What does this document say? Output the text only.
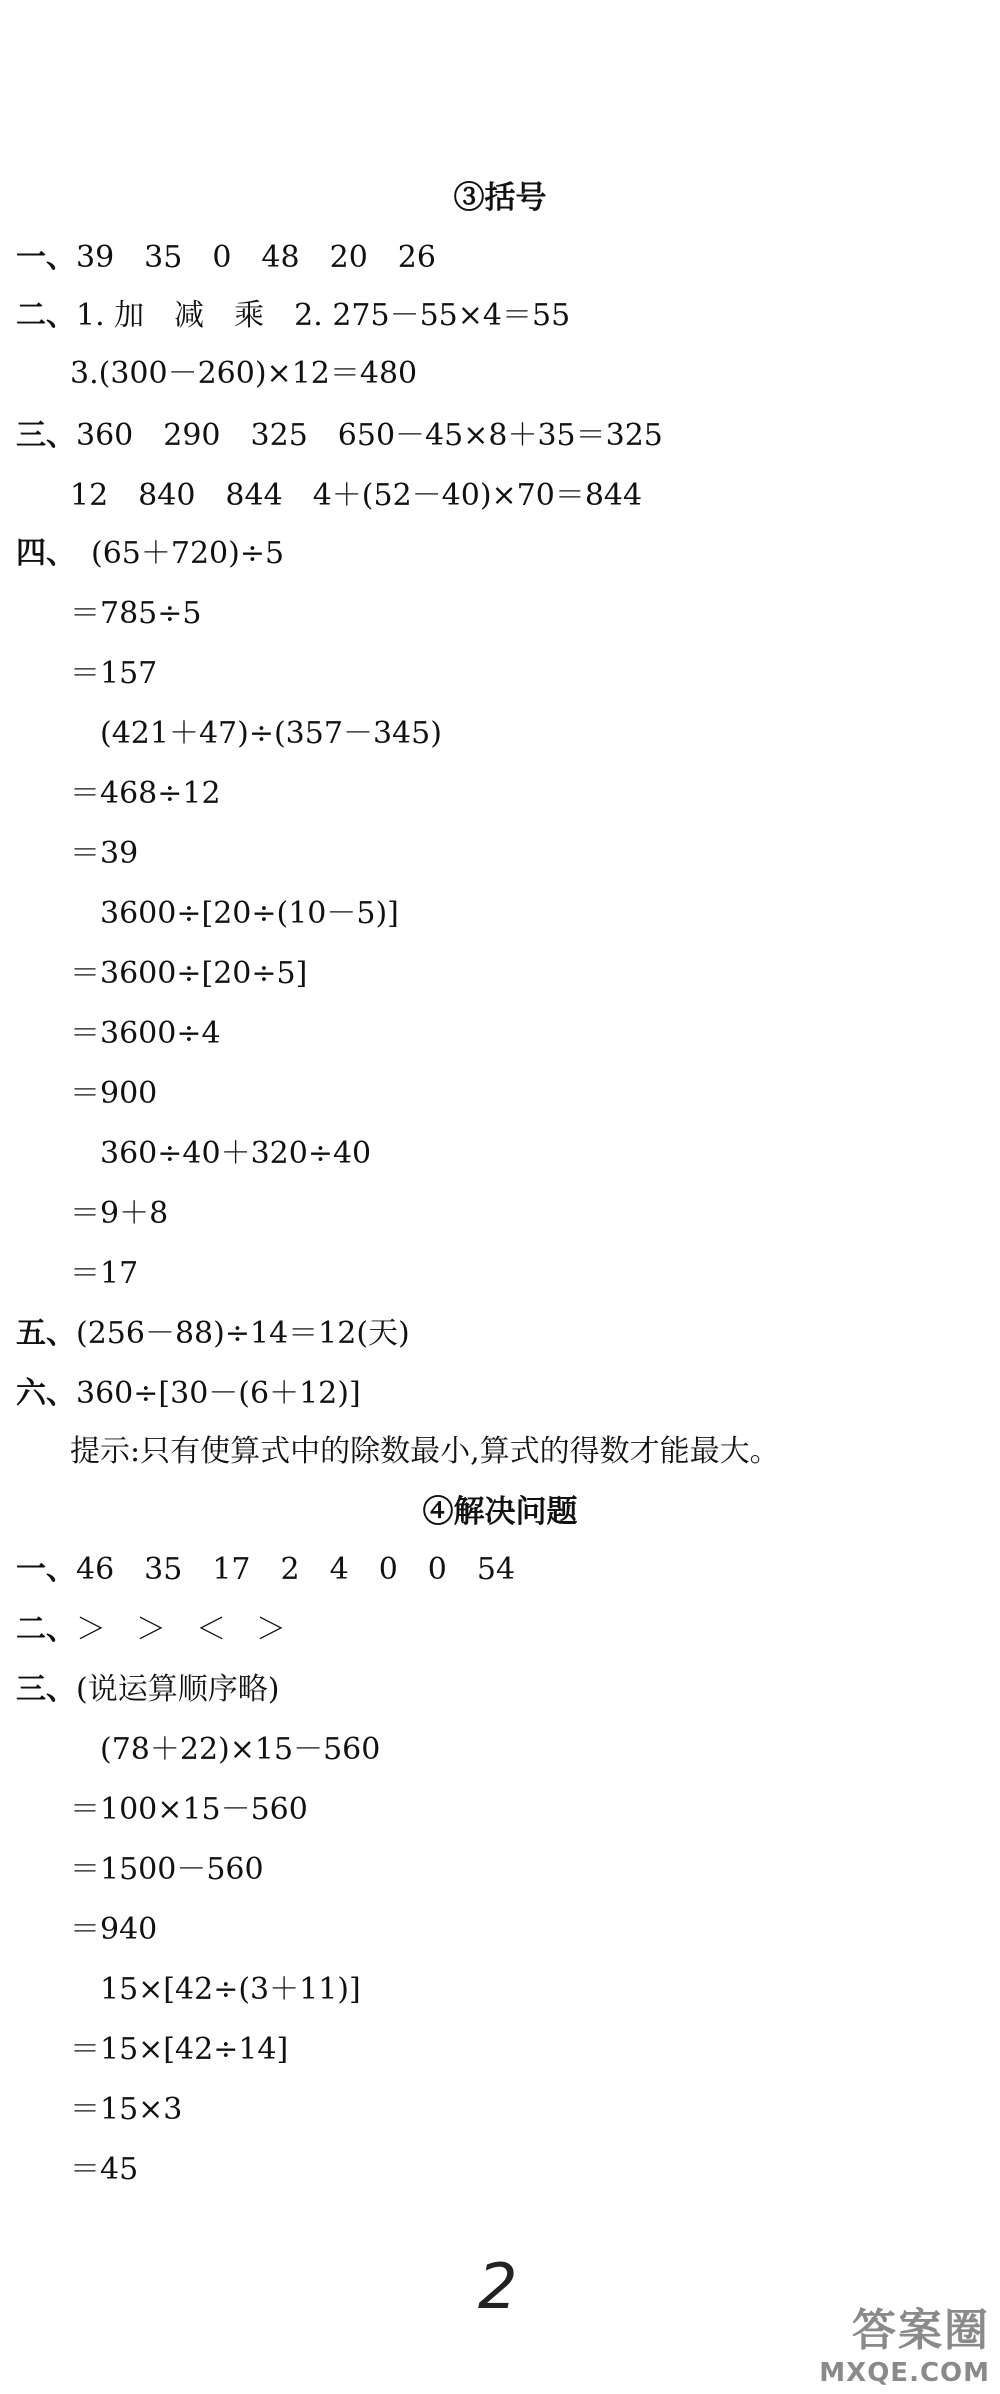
③括号
一、39　35　0　48　20　26
二、1. 加　减　乘　2. 275－55×4＝55
3.(300－260)×12＝480
三、360　290　325　650－45×8＋35＝325
12　840　844　4＋(52－40)×70＝844
四、　(65＋720)÷5
＝785÷5
＝157
　(421＋47)÷(357－345)
＝468÷12
＝39
　3600÷[20÷(10－5)]
＝3600÷[20÷5]
＝3600÷4
＝900
　360÷40＋320÷40
＝9＋8
＝17
五、(256－88)÷14＝12(天)
六、360÷[30－(6＋12)]
提示:只有使算式中的除数最小,算式的得数才能最大。
④解决问题
一、46　35　17　2　4　0　0　54
二、＞　＞　＜　＞
三、(说运算顺序略)
　(78＋22)×15－560
＝100×15－560
＝1500－560
＝940
　15×[42÷(3＋11)]
＝15×[42÷14]
＝15×3
＝45
2
答案圈
MXQE.COM
